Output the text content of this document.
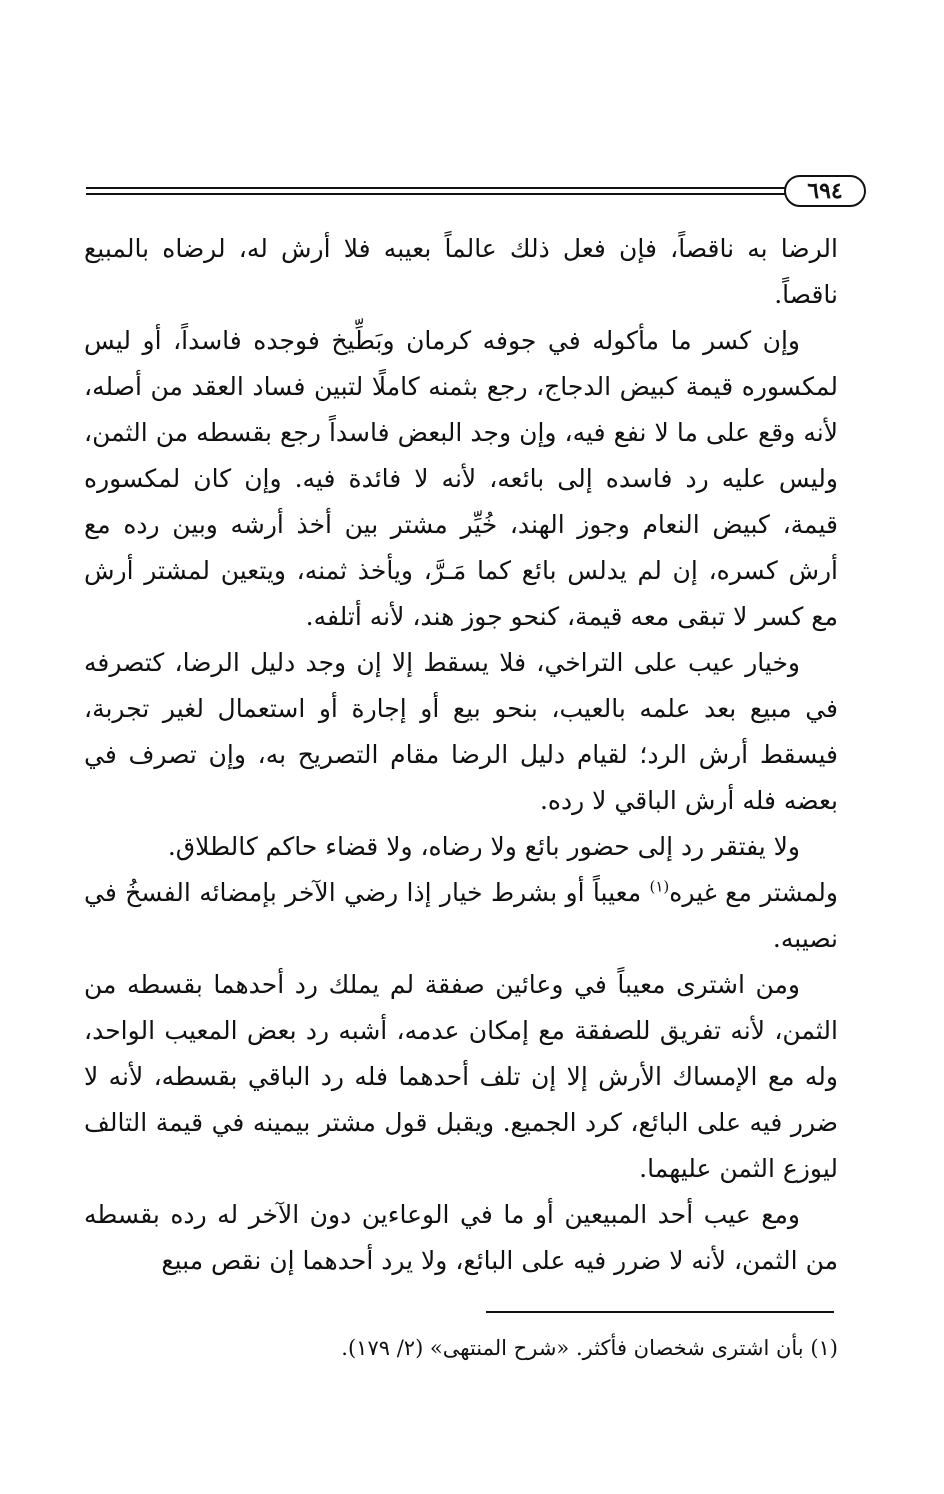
٦٩٤

الرضا به ناقصاً، فإن فعل ذلك عالماً بعيبه فلا أرش له، لرضاه بالمبيع ناقصاً.

وإن كسر ما مأكوله في جوفه كرمان وبَطِّيخ فوجده فاسداً، أو ليس لمكسوره قيمة كبيض الدجاج، رجع بثمنه كاملًا لتبين فساد العقد من أصله، لأنه وقع على ما لا نفع فيه، وإن وجد البعض فاسداً رجع بقسطه من الثمن، وليس عليه رد فاسده إلى بائعه، لأنه لا فائدة فيه. وإن كان لمكسوره قيمة، كبيض النعام وجوز الهند، خُيِّر مشتر بين أخذ أرشه وبين رده مع أرش كسره، إن لم يدلس بائع كما مَـرَّ، ويأخذ ثمنه، ويتعين لمشتر أرش مع كسر لا تبقى معه قيمة، كنحو جوز هند، لأنه أتلفه.

وخيار عيب على التراخي، فلا يسقط إلا إن وجد دليل الرضا، كتصرفه في مبيع بعد علمه بالعيب، بنحو بيع أو إجارة أو استعمال لغير تجربة، فيسقط أرش الرد؛ لقيام دليل الرضا مقام التصريح به، وإن تصرف في بعضه فله أرش الباقي لا رده.

ولا يفتقر رد إلى حضور بائع ولا رضاه، ولا قضاء حاكم كالطلاق.

ولمشتر مع غيره$^{(١)}$ معيباً أو بشرط خيار إذا رضي الآخر بإمضائه الفسخُ في نصيبه.

ومن اشترى معيباً في وعائين صفقة لم يملك رد أحدهما بقسطه من الثمن، لأنه تفريق للصفقة مع إمكان عدمه، أشبه رد بعض المعيب الواحد، وله مع الإمساك الأرش إلا إن تلف أحدهما فله رد الباقي بقسطه، لأنه لا ضرر فيه على البائع، كرد الجميع. ويقبل قول مشتر بيمينه في قيمة التالف ليوزع الثمن عليهما.

ومع عيب أحد المبيعين أو ما في الوعاءين دون الآخر له رده بقسطه من الثمن، لأنه لا ضرر فيه على البائع، ولا يرد أحدهما إن نقص مبيع

(١) بأن اشترى شخصان فأكثر. «شرح المنتهى» (٢/ ١٧٩).
